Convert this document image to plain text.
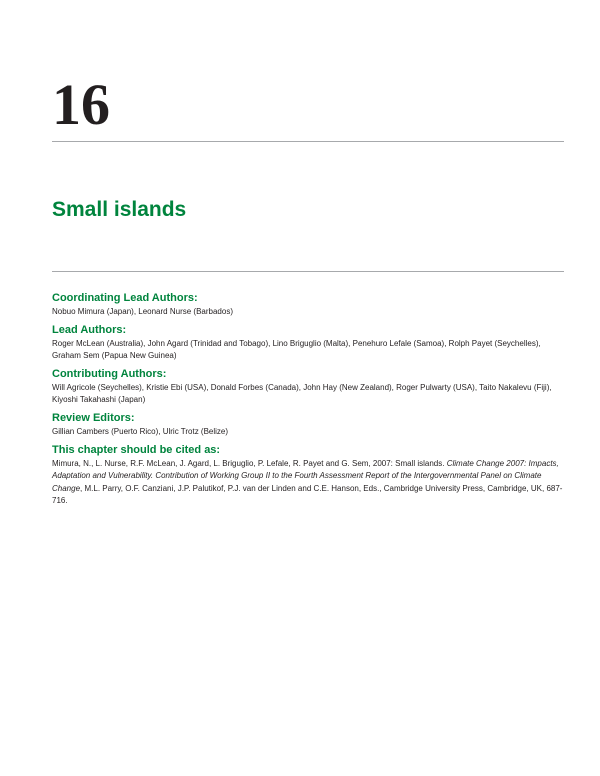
16
Small islands
Coordinating Lead Authors:
Nobuo Mimura (Japan), Leonard Nurse (Barbados)
Lead Authors:
Roger McLean (Australia), John Agard (Trinidad and Tobago), Lino Briguglio (Malta), Penehuro Lefale (Samoa), Rolph Payet (Seychelles), Graham Sem (Papua New Guinea)
Contributing Authors:
Will Agricole (Seychelles), Kristie Ebi (USA), Donald Forbes (Canada), John Hay (New Zealand), Roger Pulwarty (USA), Taito Nakalevu (Fiji), Kiyoshi Takahashi (Japan)
Review Editors:
Gillian Cambers (Puerto Rico), Ulric Trotz (Belize)
This chapter should be cited as:

Mimura, N., L. Nurse, R.F. McLean, J. Agard, L. Briguglio, P. Lefale, R. Payet and G. Sem, 2007: Small islands. Climate Change 2007: Impacts, Adaptation and Vulnerability. Contribution of Working Group II to the Fourth Assessment Report of the Intergovernmental Panel on Climate Change, M.L. Parry, O.F. Canziani, J.P. Palutikof, P.J. van der Linden and C.E. Hanson, Eds., Cambridge University Press, Cambridge, UK, 687-716.
